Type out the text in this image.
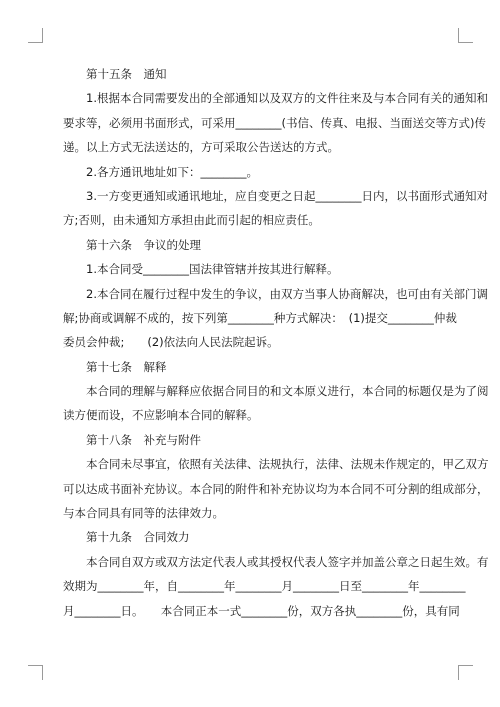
第十五条　通知
1.根据本合同需要发出的全部通知以及双方的文件往来及与本合同有关的通知和
要求等，必须用书面形式，可采用________(书信、传真、电报、当面送交等方式)传
递。以上方式无法送达的，方可采取公告送达的方式。
2.各方通讯地址如下：________。
3.一方变更通知或通讯地址，应自变更之日起________日内，以书面形式通知对
方;否则，由未通知方承担由此而引起的相应责任。
第十六条　争议的处理
1.本合同受________国法律管辖并按其进行解释。
2.本合同在履行过程中发生的争议，由双方当事人协商解决，也可由有关部门调
解;协商或调解不成的，按下列第________种方式解决：　(1)提交________仲裁
委员会仲裁;　　(2)依法向人民法院起诉。
第十七条　解释
本合同的理解与解释应依据合同目的和文本原义进行，本合同的标题仅是为了阅
读方便而设，不应影响本合同的解释。
第十八条　补充与附件
本合同未尽事宜，依照有关法律、法规执行，法律、法规未作规定的，甲乙双方
可以达成书面补充协议。本合同的附件和补充协议均为本合同不可分割的组成部分，
与本合同具有同等的法律效力。
第十九条　合同效力
本合同自双方或双方法定代表人或其授权代表人签字并加盖公章之日起生效。有
效期为________年，自________年________月________日至________年________
月________日。　　本合同正本一式________份，双方各执________份，具有同
